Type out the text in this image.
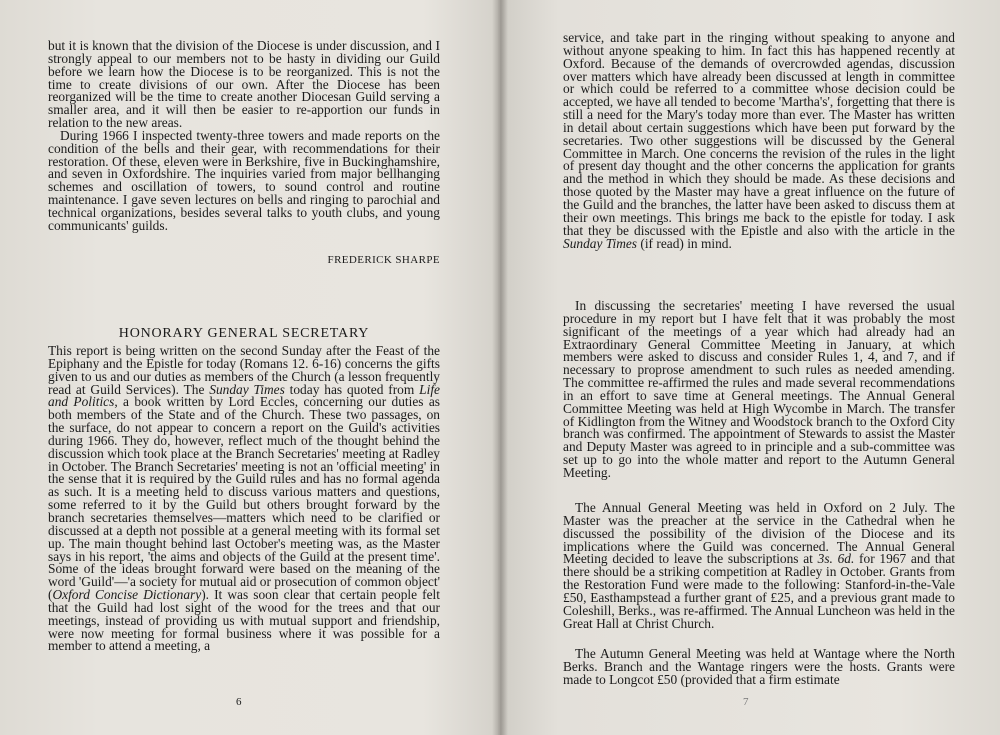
but it is known that the division of the Diocese is under discussion, and I strongly appeal to our members not to be hasty in dividing our Guild before we learn how the Diocese is to be reorganized. This is not the time to create divisions of our own. After the Diocese has been reorganized will be the time to create another Diocesan Guild serving a smaller area, and it will then be easier to re-apportion our funds in relation to the new areas.

During 1966 I inspected twenty-three towers and made reports on the condition of the bells and their gear, with recommendations for their restoration. Of these, eleven were in Berkshire, five in Buckinghamshire, and seven in Oxfordshire. The inquiries varied from major bellhanging schemes and oscillation of towers, to sound control and routine maintenance. I gave seven lectures on bells and ringing to parochial and technical organizations, besides several talks to youth clubs, and young communicants' guilds.

FREDERICK SHARPE
HONORARY GENERAL SECRETARY

This report is being written on the second Sunday after the Feast of the Epiphany and the Epistle for today (Romans 12. 6-16) concerns the gifts given to us and our duties as members of the Church (a lesson frequently read at Guild Services). The Sunday Times today has quoted from Life and Politics, a book written by Lord Eccles, concerning our duties as both members of the State and of the Church. These two passages, on the surface, do not appear to concern a report on the Guild's activities during 1966. They do, however, reflect much of the thought behind the discussion which took place at the Branch Secretaries' meeting at Radley in October. The Branch Secretaries' meeting is not an 'official meeting' in the sense that it is required by the Guild rules and has no formal agenda as such. It is a meeting held to discuss various matters and questions, some referred to it by the Guild but others brought forward by the branch secretaries themselves—matters which need to be clarified or discussed at a depth not possible at a general meeting with its formal set up. The main thought behind last October's meeting was, as the Master says in his report, 'the aims and objects of the Guild at the present time'. Some of the ideas brought forward were based on the meaning of the word 'Guild'—'a society for mutual aid or prosecution of common object' (Oxford Concise Dictionary). It was soon clear that certain people felt that the Guild had lost sight of the wood for the trees and that our meetings, instead of providing us with mutual support and friendship, were now meeting for formal business where it was possible for a member to attend a meeting, a

6

service, and take part in the ringing without speaking to anyone and without anyone speaking to him. In fact this has happened recently at Oxford. Because of the demands of overcrowded agendas, discussion over matters which have already been discussed at length in committee or which could be referred to a committee whose decision could be accepted, we have all tended to become 'Martha's', forgetting that there is still a need for the Mary's today more than ever. The Master has written in detail about certain suggestions which have been put forward by the secretaries. Two other suggestions will be discussed by the General Committee in March. One concerns the revision of the rules in the light of present day thought and the other concerns the application for grants and the method in which they should be made. As these decisions and those quoted by the Master may have a great influence on the future of the Guild and the branches, the latter have been asked to discuss them at their own meetings. This brings me back to the epistle for today. I ask that they be discussed with the Epistle and also with the article in the Sunday Times (if read) in mind.

In discussing the secretaries' meeting I have reversed the usual procedure in my report but I have felt that it was probably the most significant of the meetings of a year which had already had an Extraordinary General Committee Meeting in January, at which members were asked to discuss and consider Rules 1, 4, and 7, and if necessary to proprose amendment to such rules as needed amending. The committee re-affirmed the rules and made several recommendations in an effort to save time at General meetings. The Annual General Committee Meeting was held at High Wycombe in March. The transfer of Kidlington from the Witney and Woodstock branch to the Oxford City branch was confirmed. The appointment of Stewards to assist the Master and Deputy Master was agreed to in principle and a sub-committee was set up to go into the whole matter and report to the Autumn General Meeting.

The Annual General Meeting was held in Oxford on 2 July. The Master was the preacher at the service in the Cathedral when he discussed the possibility of the division of the Diocese and its implications where the Guild was concerned. The Annual General Meeting decided to leave the subscriptions at 3s. 6d. for 1967 and that there should be a striking competition at Radley in October. Grants from the Restoration Fund were made to the following: Stanford-in-the-Vale £50, Easthampstead a further grant of £25, and a previous grant made to Coleshill, Berks., was re-affirmed. The Annual Luncheon was held in the Great Hall at Christ Church.

The Autumn General Meeting was held at Wantage where the North Berks. Branch and the Wantage ringers were the hosts. Grants were made to Longcot £50 (provided that a firm estimate

7
